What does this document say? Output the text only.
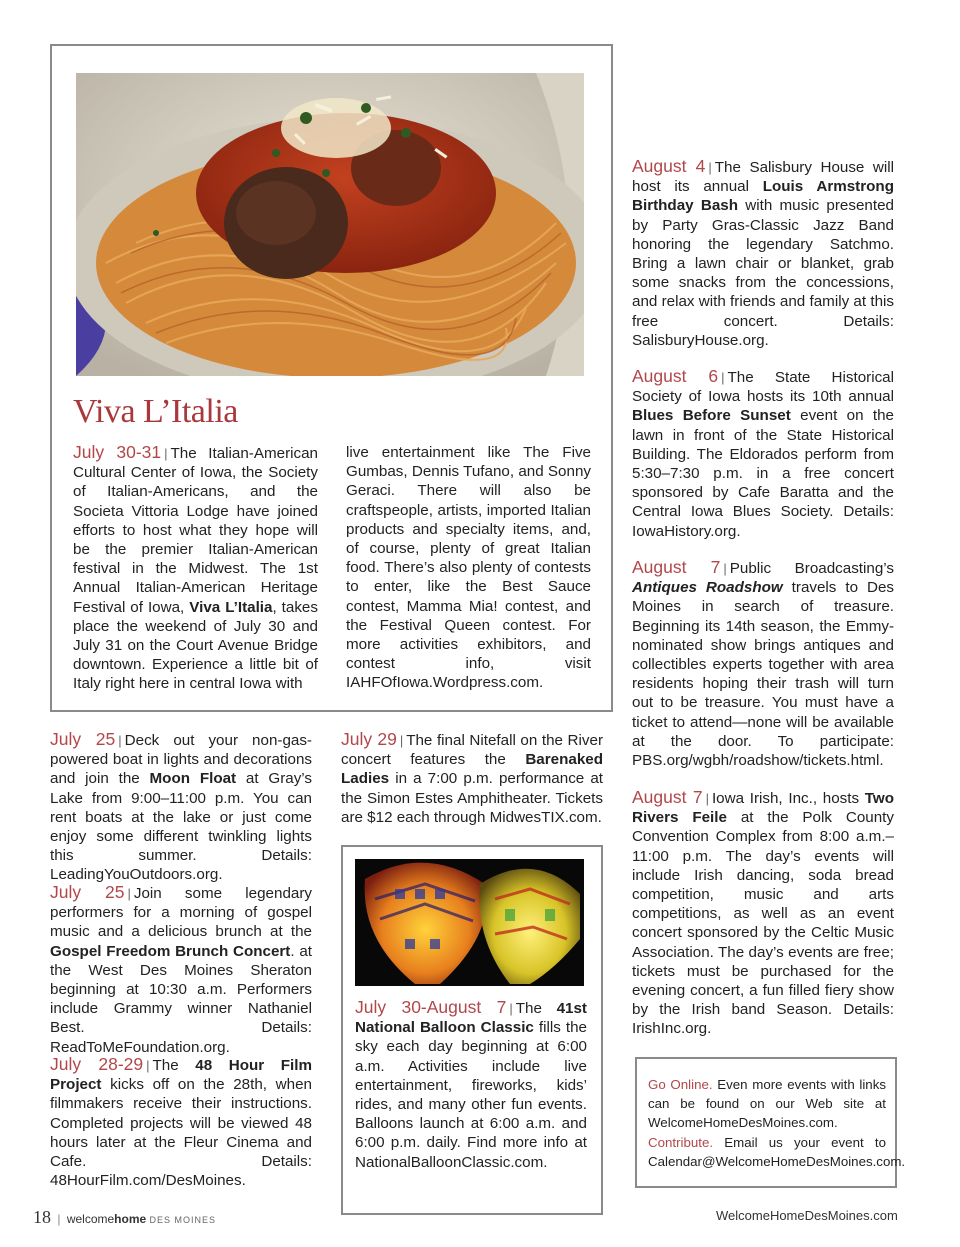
Viva L’Italia
July 30-31 | The Italian-American Cultural Center of Iowa, the Society of Italian-Americans, and the Societa Vittoria Lodge have joined efforts to host what they hope will be the premier Italian-American festival in the Midwest. The 1st Annual Italian-American Heritage Festival of Iowa, Viva L’Italia, takes place the weekend of July 30 and July 31 on the Court Avenue Bridge downtown. Experience a little bit of Italy right here in central Iowa with
live entertainment like The Five Gumbas, Dennis Tufano, and Sonny Geraci. There will also be craftspeople, artists, imported Italian products and specialty items, and, of course, plenty of great Italian food. There’s also plenty of contests to enter, like the Best Sauce contest, Mamma Mia! contest, and the Festival Queen contest. For more activities exhibitors, and contest info, visit IAHFOfIowa.Wordpress.com.
July 25 | Deck out your non-gas-powered boat in lights and decorations and join the Moon Float at Gray’s Lake from 9:00–11:00 p.m. You can rent boats at the lake or just come enjoy some different twinkling lights this summer. Details: LeadingYouOutdoors.org.
July 25 | Join some legendary performers for a morning of gospel music and a delicious brunch at the Gospel Freedom Brunch Concert. at the West Des Moines Sheraton beginning at 10:30 a.m. Performers include Grammy winner Nathaniel Best. Details: ReadToMeFoundation.org.
July 28-29 | The 48 Hour Film Project kicks off on the 28th, when filmmakers receive their instructions. Completed projects will be viewed 48 hours later at the Fleur Cinema and Cafe. Details: 48HourFilm.com/DesMoines.
July 29 | The final Nitefall on the River concert features the Barenaked Ladies in a 7:00 p.m. performance at the Simon Estes Amphitheater. Tickets are $12 each through MidwesTIX.com.
July 30-August 7 | The 41st National Balloon Classic fills the sky each day beginning at 6:00 a.m. Activities include live entertainment, fireworks, kids’ rides, and many other fun events. Balloons launch at 6:00 a.m. and 6:00 p.m. daily. Find more info at NationalBalloonClassic.com.
August 4 | The Salisbury House will host its annual Louis Armstrong Birthday Bash with music presented by Party Gras-Classic Jazz Band honoring the legendary Satchmo. Bring a lawn chair or blanket, grab some snacks from the concessions, and relax with friends and family at this free concert. Details: SalisburyHouse.org.
August 6 | The State Historical Society of Iowa hosts its 10th annual Blues Before Sunset event on the lawn in front of the State Historical Building. The Eldorados perform from 5:30–7:30 p.m. in a free concert sponsored by Cafe Baratta and the Central Iowa Blues Society. Details: IowaHistory.org.
August 7 | Public Broadcasting’s Antiques Roadshow travels to Des Moines in search of treasure. Beginning its 14th season, the Emmy-nominated show brings antiques and collectibles experts together with area residents hoping their trash will turn out to be treasure. You must have a ticket to attend—none will be available at the door. To participate: PBS.org/wgbh/roadshow/tickets.html.
August 7 | Iowa Irish, Inc., hosts Two Rivers Feile at the Polk County Convention Complex from 8:00 a.m.–11:00 p.m. The day’s events will include Irish dancing, soda bread competition, music and arts competitions, as well as an event concert sponsored by the Celtic Music Association. The day’s events are free; tickets must be purchased for the evening concert, a fun filled fiery show by the Irish band Season. Details: IrishInc.org.
Go Online. Even more events with links can be found on our Web site at WelcomeHomeDesMoines.com.
Contribute. Email us your event to Calendar@WelcomeHomeDesMoines.com.
18 | welcomehome DES MOINES	WelcomeHomeDesMoines.com
